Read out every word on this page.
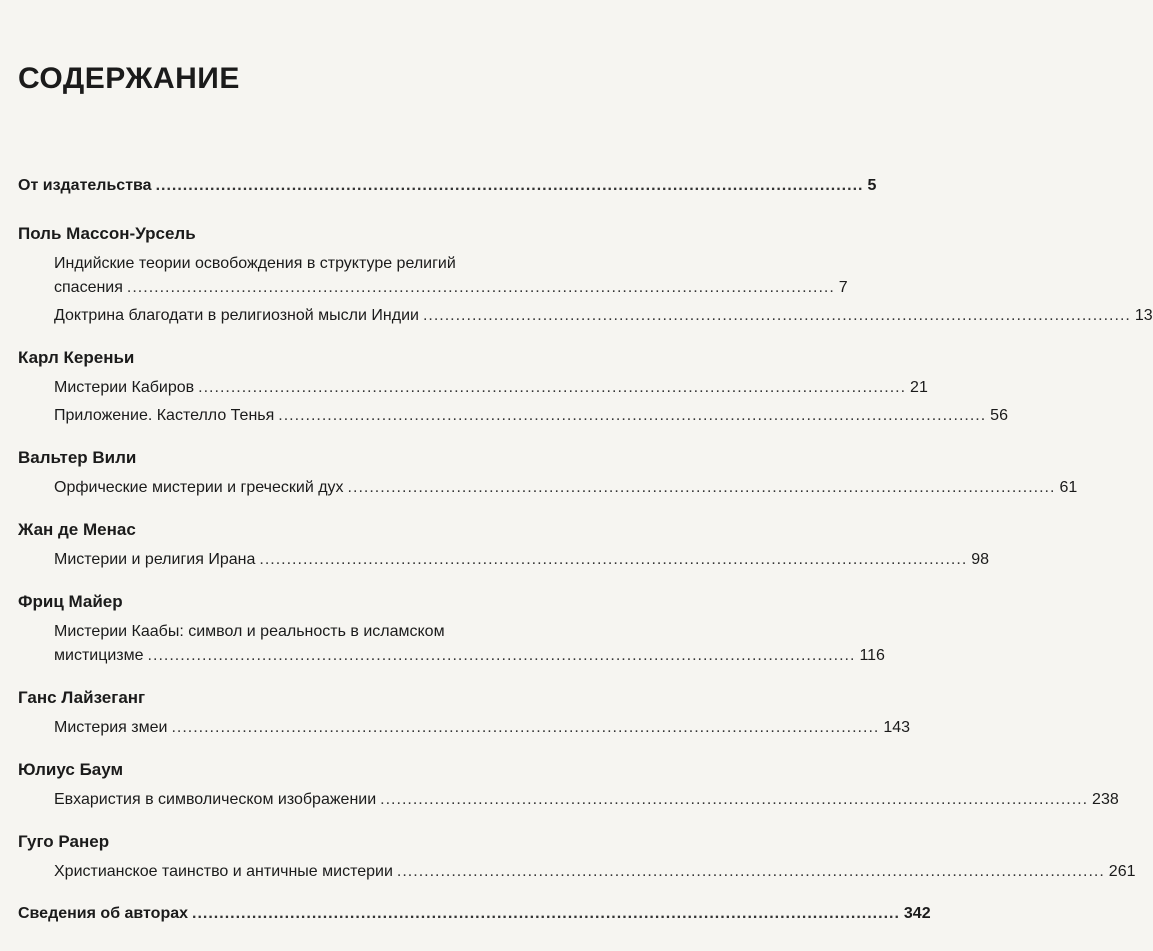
СОДЕРЖАНИЕ
От издательства .................................................................................................................................. 5
Поль Массон-Урсель
Индийские теории освобождения в структуре религий
спасения .................................................................................................................................. 7
Доктрина благодати в религиозной мысли Индии .................................................................................................................................. 13
Карл Кереньи
Мистерии Кабиров .................................................................................................................................. 21
Приложение. Кастелло Тенья .................................................................................................................................. 56
Вальтер Вили
Орфические мистерии и греческий дух .................................................................................................................................. 61
Жан де Менас
Мистерии и религия Ирана .................................................................................................................................. 98
Фриц Майер
Мистерии Каабы: символ и реальность в исламском
мистицизме .................................................................................................................................. 116
Ганс Лайзеганг
Мистерия змеи .................................................................................................................................. 143
Юлиус Баум
Евхаристия в символическом изображении .................................................................................................................................. 238
Гуго Ранер
Христианское таинство и античные мистерии .................................................................................................................................. 261
Сведения об авторах .................................................................................................................................. 342
